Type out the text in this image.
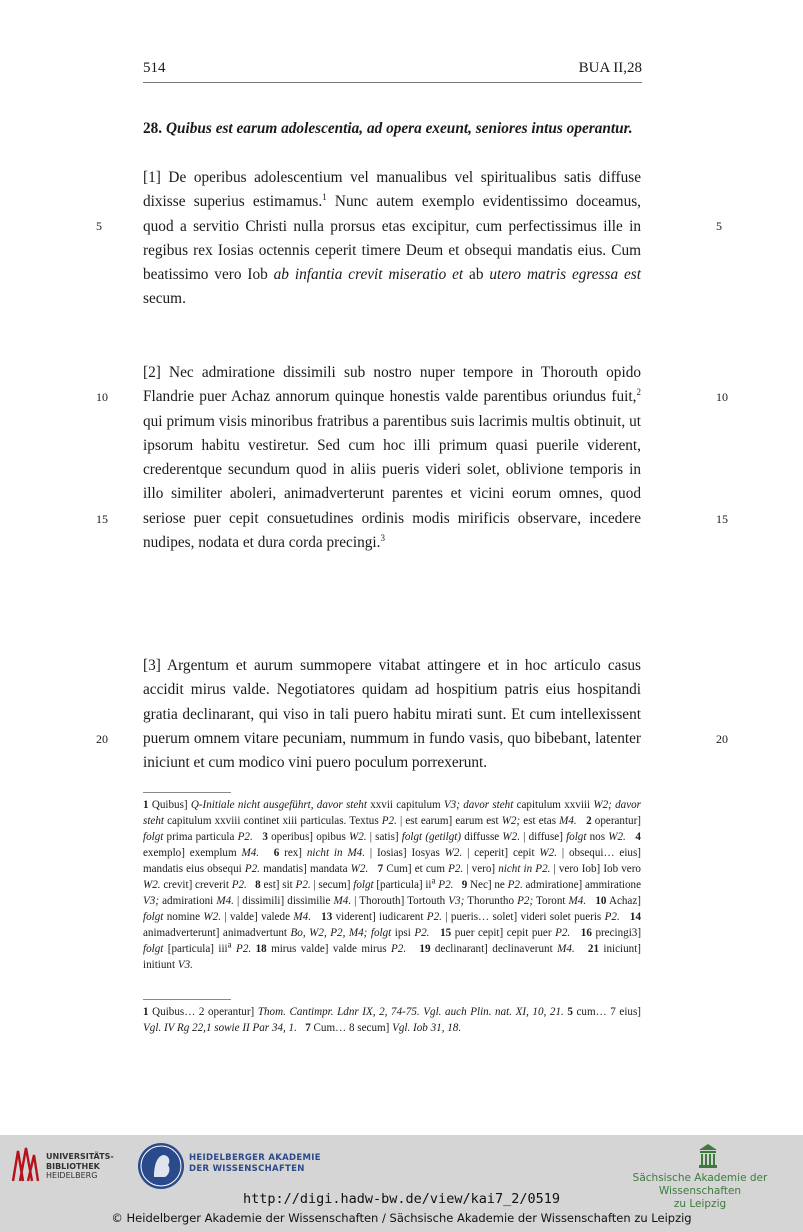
514	BUA II,28
28. Quibus est earum adolescentia, ad opera exeunt, seniores intus operantur.
[1] De operibus adolescentium vel manualibus vel spiritualibus satis diffuse dixisse superius estimamus.$^1$ Nunc autem exemplo evidentissimo doceamus, quod a servitio Christi nulla prorsus etas excipitur, cum perfectissimus ille in regibus rex Iosias octennis ceperit timere Deum et obsequi mandatis eius. Cum beatissimo vero Iob ab infantia crevit miseratio et ab utero matris egressa est secum.
[2] Nec admiratione dissimili sub nostro nuper tempore in Thorouth opido Flandrie puer Achaz annorum quinque honestis valde parentibus oriundus fuit,$^2$ qui primum visis minoribus fratribus a parentibus suis lacrimis multis obtinuit, ut ipsorum habitu vestiretur. Sed cum hoc illi primum quasi puerile viderent, crederentque secundum quod in aliis pueris videri solet, oblivione temporis in illo similiter aboleri, animadverterunt parentes et vicini eorum omnes, quod seriose puer cepit consuetudines ordinis modis mirificis observare, incedere nudipes, nodata et dura corda precingi.$^3$
[3] Argentum et aurum summopere vitabat attingere et in hoc articulo casus accidit mirus valde. Negotiatores quidam ad hospitium patris eius hospitandi gratia declinarant, qui viso in tali puero habitu mirati sunt. Et cum intellexissent puerum omnem vitare pecuniam, nummum in fundo vasis, quo bibebant, latenter iniciunt et cum modico vini puero poculum porrexerunt.
5	5
10	10
15	15
20	20
1 Quibus] Q-Initiale nicht ausgeführt, davor steht xxvii capitulum V3; davor steht capitulum xxviii W2; davor steht capitulum xxviii continet xiii particulas. Textus P2. | est earum] earum est W2; est etas M4. 2 operantur] folgt prima particula P2. 3 operibus] opibus W2. | satis] folgt (getilgt) diffusse W2. | diffuse] folgt nos W2. 4 exemplo] exemplum M4. 6 rex] nicht in M4. | Iosias] Iosyas W2. | ceperit] cepit W2. | obsequi… eius] mandatis eius obsequi P2. mandatis] mandata W2. 7 Cum] et cum P2. | vero] nicht in P2. | vero Iob] Iob vero W2. crevit] creverit P2. 8 est] sit P2. | secum] folgt [particula] $ii^a$ P2. 9 Nec] ne P2. admiratione] ammiratione V3; admirationi M4. | dissimili] dissimilie M4. | Thorouth] Tortouth V3; Thoruntho P2; Toront M4. 10 Achaz] folgt nomine W2. | valde] valede M4. 13 viderent] iudicarent P2. | pueris… solet] videri solet pueris P2. 14 animadverterunt] animadvertunt Bo, W2, P2, M4; folgt ipsi P2. 15 puer cepit] cepit puer P2. 16 precingi3] folgt [particula] iii$^a$ P2. 18 mirus valde] valde mirus P2. 19 declinarant] declinaverunt M4. 21 iniciunt] initiunt V3.
1 Quibus… 2 operantur] Thom. Cantimpr. Ldnr IX, 2, 74-75. Vgl. auch Plin. nat. XI, 10, 21. 5 cum… 7 eius] Vgl. IV Rg 22,1 sowie II Par 34, 1. 7 Cum… 8 secum] Vgl. Iob 31, 18.
UNIVERSITÄTS-
BIBLIOTHEK
HEIDELBERG
HEIDELBERGER AKADEMIE
DER WISSENSCHAFTEN
Sächsische Akademie der Wissenschaften
zu Leipzig
http://digi.hadw-bw.de/view/kai7_2/0519
© Heidelberger Akademie der Wissenschaften / Sächsische Akademie der Wissenschaften zu Leipzig
